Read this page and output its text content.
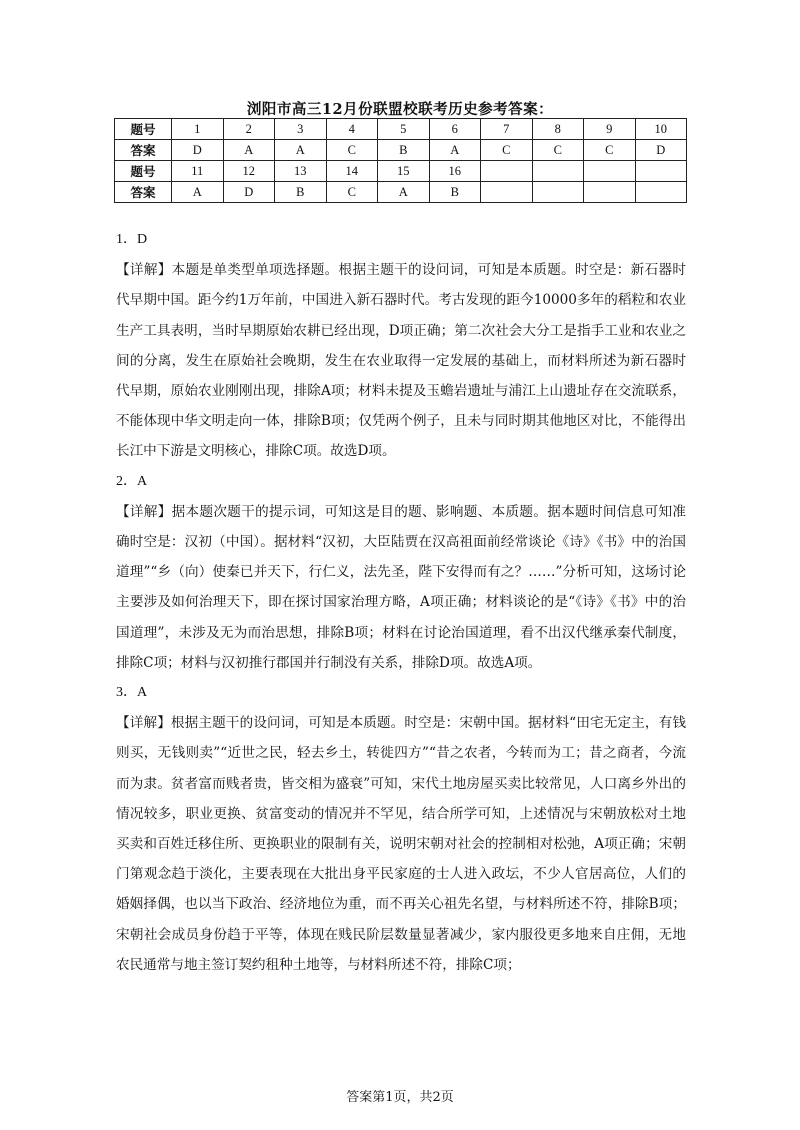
浏阳市高三12月份联盟校联考历史参考答案：
题号	1	2	3	4	5	6	7	8	9	10
答案	D	A	A	C	B	A	C	C	C	D
题号	11	12	13	14	15	16				
答案	A	D	B	C	A	B				
1．D
【详解】本题是单类型单项选择题。根据主题干的设问词，可知是本质题。时空是：新石器时代早期中国。距今约1万年前，中国进入新石器时代。考古发现的距今10000多年的稻粒和农业生产工具表明，当时早期原始农耕已经出现，D项正确；第二次社会大分工是指手工业和农业之间的分离，发生在原始社会晚期，发生在农业取得一定发展的基础上，而材料所述为新石器时代早期，原始农业刚刚出现，排除A项；材料未提及玉蟾岩遗址与浦江上山遗址存在交流联系，不能体现中华文明走向一体，排除B项；仅凭两个例子，且未与同时期其他地区对比，不能得出长江中下游是文明核心，排除C项。故选D项。
2．A
【详解】据本题次题干的提示词，可知这是目的题、影响题、本质题。据本题时间信息可知准确时空是：汉初（中国）。据材料“汉初，大臣陆贾在汉高祖面前经常谈论《诗》《书》中的治国道理”“乡（向）使秦已并天下，行仁义，法先圣，陛下安得而有之？……”分析可知，这场讨论主要涉及如何治理天下，即在探讨国家治理方略，A项正确；材料谈论的是“《诗》《书》中的治国道理”，未涉及无为而治思想，排除B项；材料在讨论治国道理，看不出汉代继承秦代制度，排除C项；材料与汉初推行郡国并行制没有关系，排除D项。故选A项。
3．A
【详解】根据主题干的设问词，可知是本质题。时空是：宋朝中国。据材料“田宅无定主，有钱则买，无钱则卖”“近世之民，轻去乡土，转徙四方”“昔之农者，今转而为工；昔之商者，今流而为隶。贫者富而贱者贵，皆交相为盛衰”可知，宋代土地房屋买卖比较常见，人口离乡外出的情况较多，职业更换、贫富变动的情况并不罕见，结合所学可知，上述情况与宋朝放松对土地买卖和百姓迁移住所、更换职业的限制有关，说明宋朝对社会的控制相对松弛，A项正确；宋朝门第观念趋于淡化，主要表现在大批出身平民家庭的士人进入政坛，不少人官居高位，人们的婚姻择偶，也以当下政治、经济地位为重，而不再关心祖先名望，与材料所述不符，排除B项；宋朝社会成员身份趋于平等，体现在贱民阶层数量显著减少，家内服役更多地来自庄佣，无地农民通常与地主签订契约租种土地等，与材料所述不符，排除C项；
答案第1页，共2页
